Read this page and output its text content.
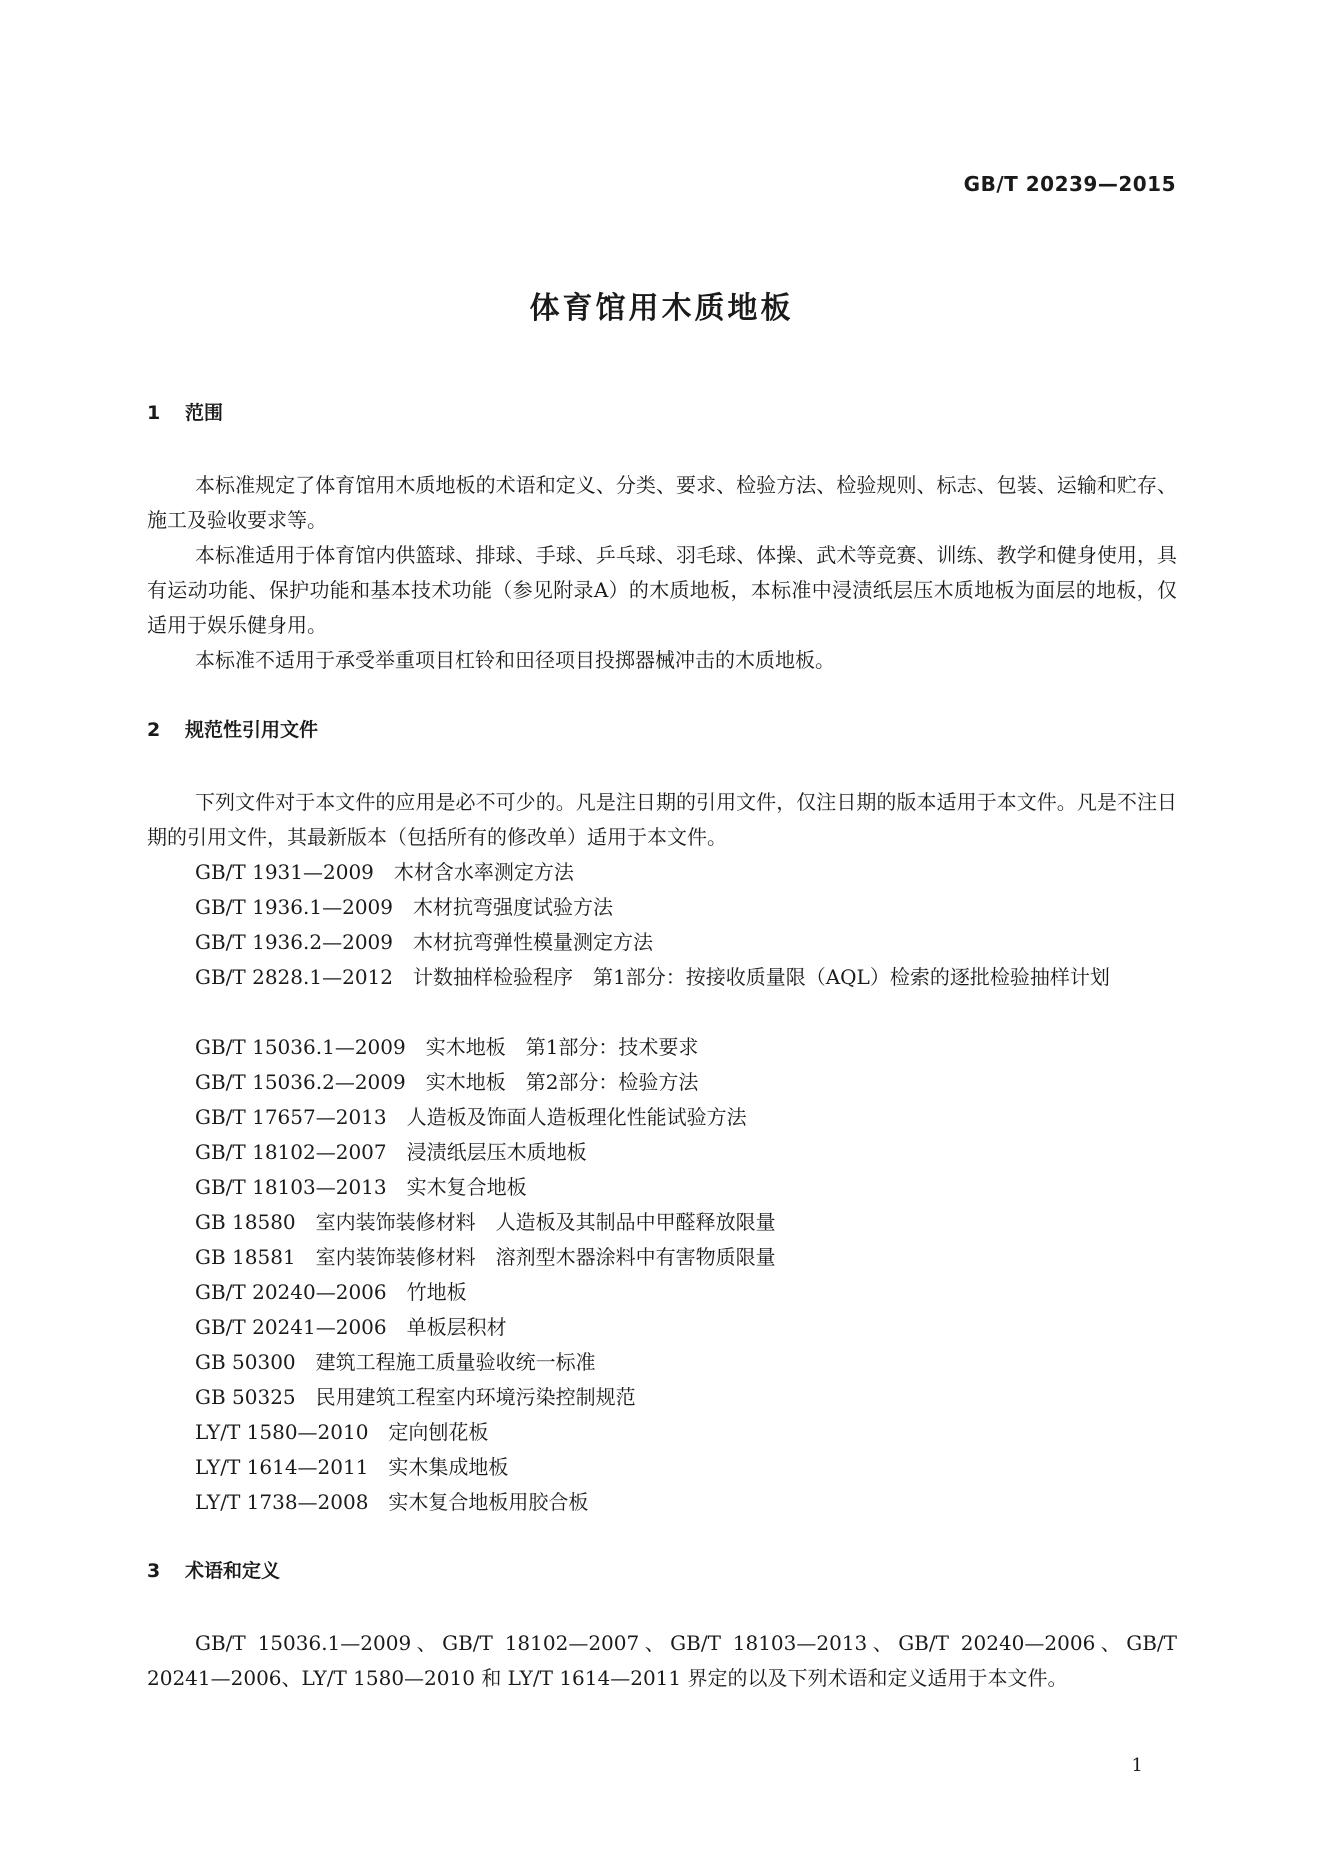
GB/T 20239—2015
体育馆用木质地板
1 范围
本标准规定了体育馆用木质地板的术语和定义、分类、要求、检验方法、检验规则、标志、包装、运输和贮存、施工及验收要求等。
本标准适用于体育馆内供篮球、排球、手球、乒乓球、羽毛球、体操、武术等竞赛、训练、教学和健身使用，具有运动功能、保护功能和基本技术功能（参见附录A）的木质地板，本标准中浸渍纸层压木质地板为面层的地板，仅适用于娱乐健身用。
本标准不适用于承受举重项目杠铃和田径项目投掷器械冲击的木质地板。
2 规范性引用文件
下列文件对于本文件的应用是必不可少的。凡是注日期的引用文件，仅注日期的版本适用于本文件。凡是不注日期的引用文件，其最新版本（包括所有的修改单）适用于本文件。
GB/T 1931—2009　木材含水率测定方法
GB/T 1936.1—2009　木材抗弯强度试验方法
GB/T 1936.2—2009　木材抗弯弹性模量测定方法
GB/T 2828.1—2012　计数抽样检验程序　第1部分：按接收质量限（AQL）检索的逐批检验抽样计划
GB/T 15036.1—2009　实木地板　第1部分：技术要求
GB/T 15036.2—2009　实木地板　第2部分：检验方法
GB/T 17657—2013　人造板及饰面人造板理化性能试验方法
GB/T 18102—2007　浸渍纸层压木质地板
GB/T 18103—2013　实木复合地板
GB 18580　室内装饰装修材料　人造板及其制品中甲醛释放限量
GB 18581　室内装饰装修材料　溶剂型木器涂料中有害物质限量
GB/T 20240—2006　竹地板
GB/T 20241—2006　单板层积材
GB 50300　建筑工程施工质量验收统一标准
GB 50325　民用建筑工程室内环境污染控制规范
LY/T 1580—2010　定向刨花板
LY/T 1614—2011　实木集成地板
LY/T 1738—2008　实木复合地板用胶合板
3 术语和定义
GB/T 15036.1—2009、GB/T 18102—2007、GB/T 18103—2013、GB/T 20240—2006、GB/T 20241—2006、LY/T 1580—2010 和 LY/T 1614—2011 界定的以及下列术语和定义适用于本文件。
1
